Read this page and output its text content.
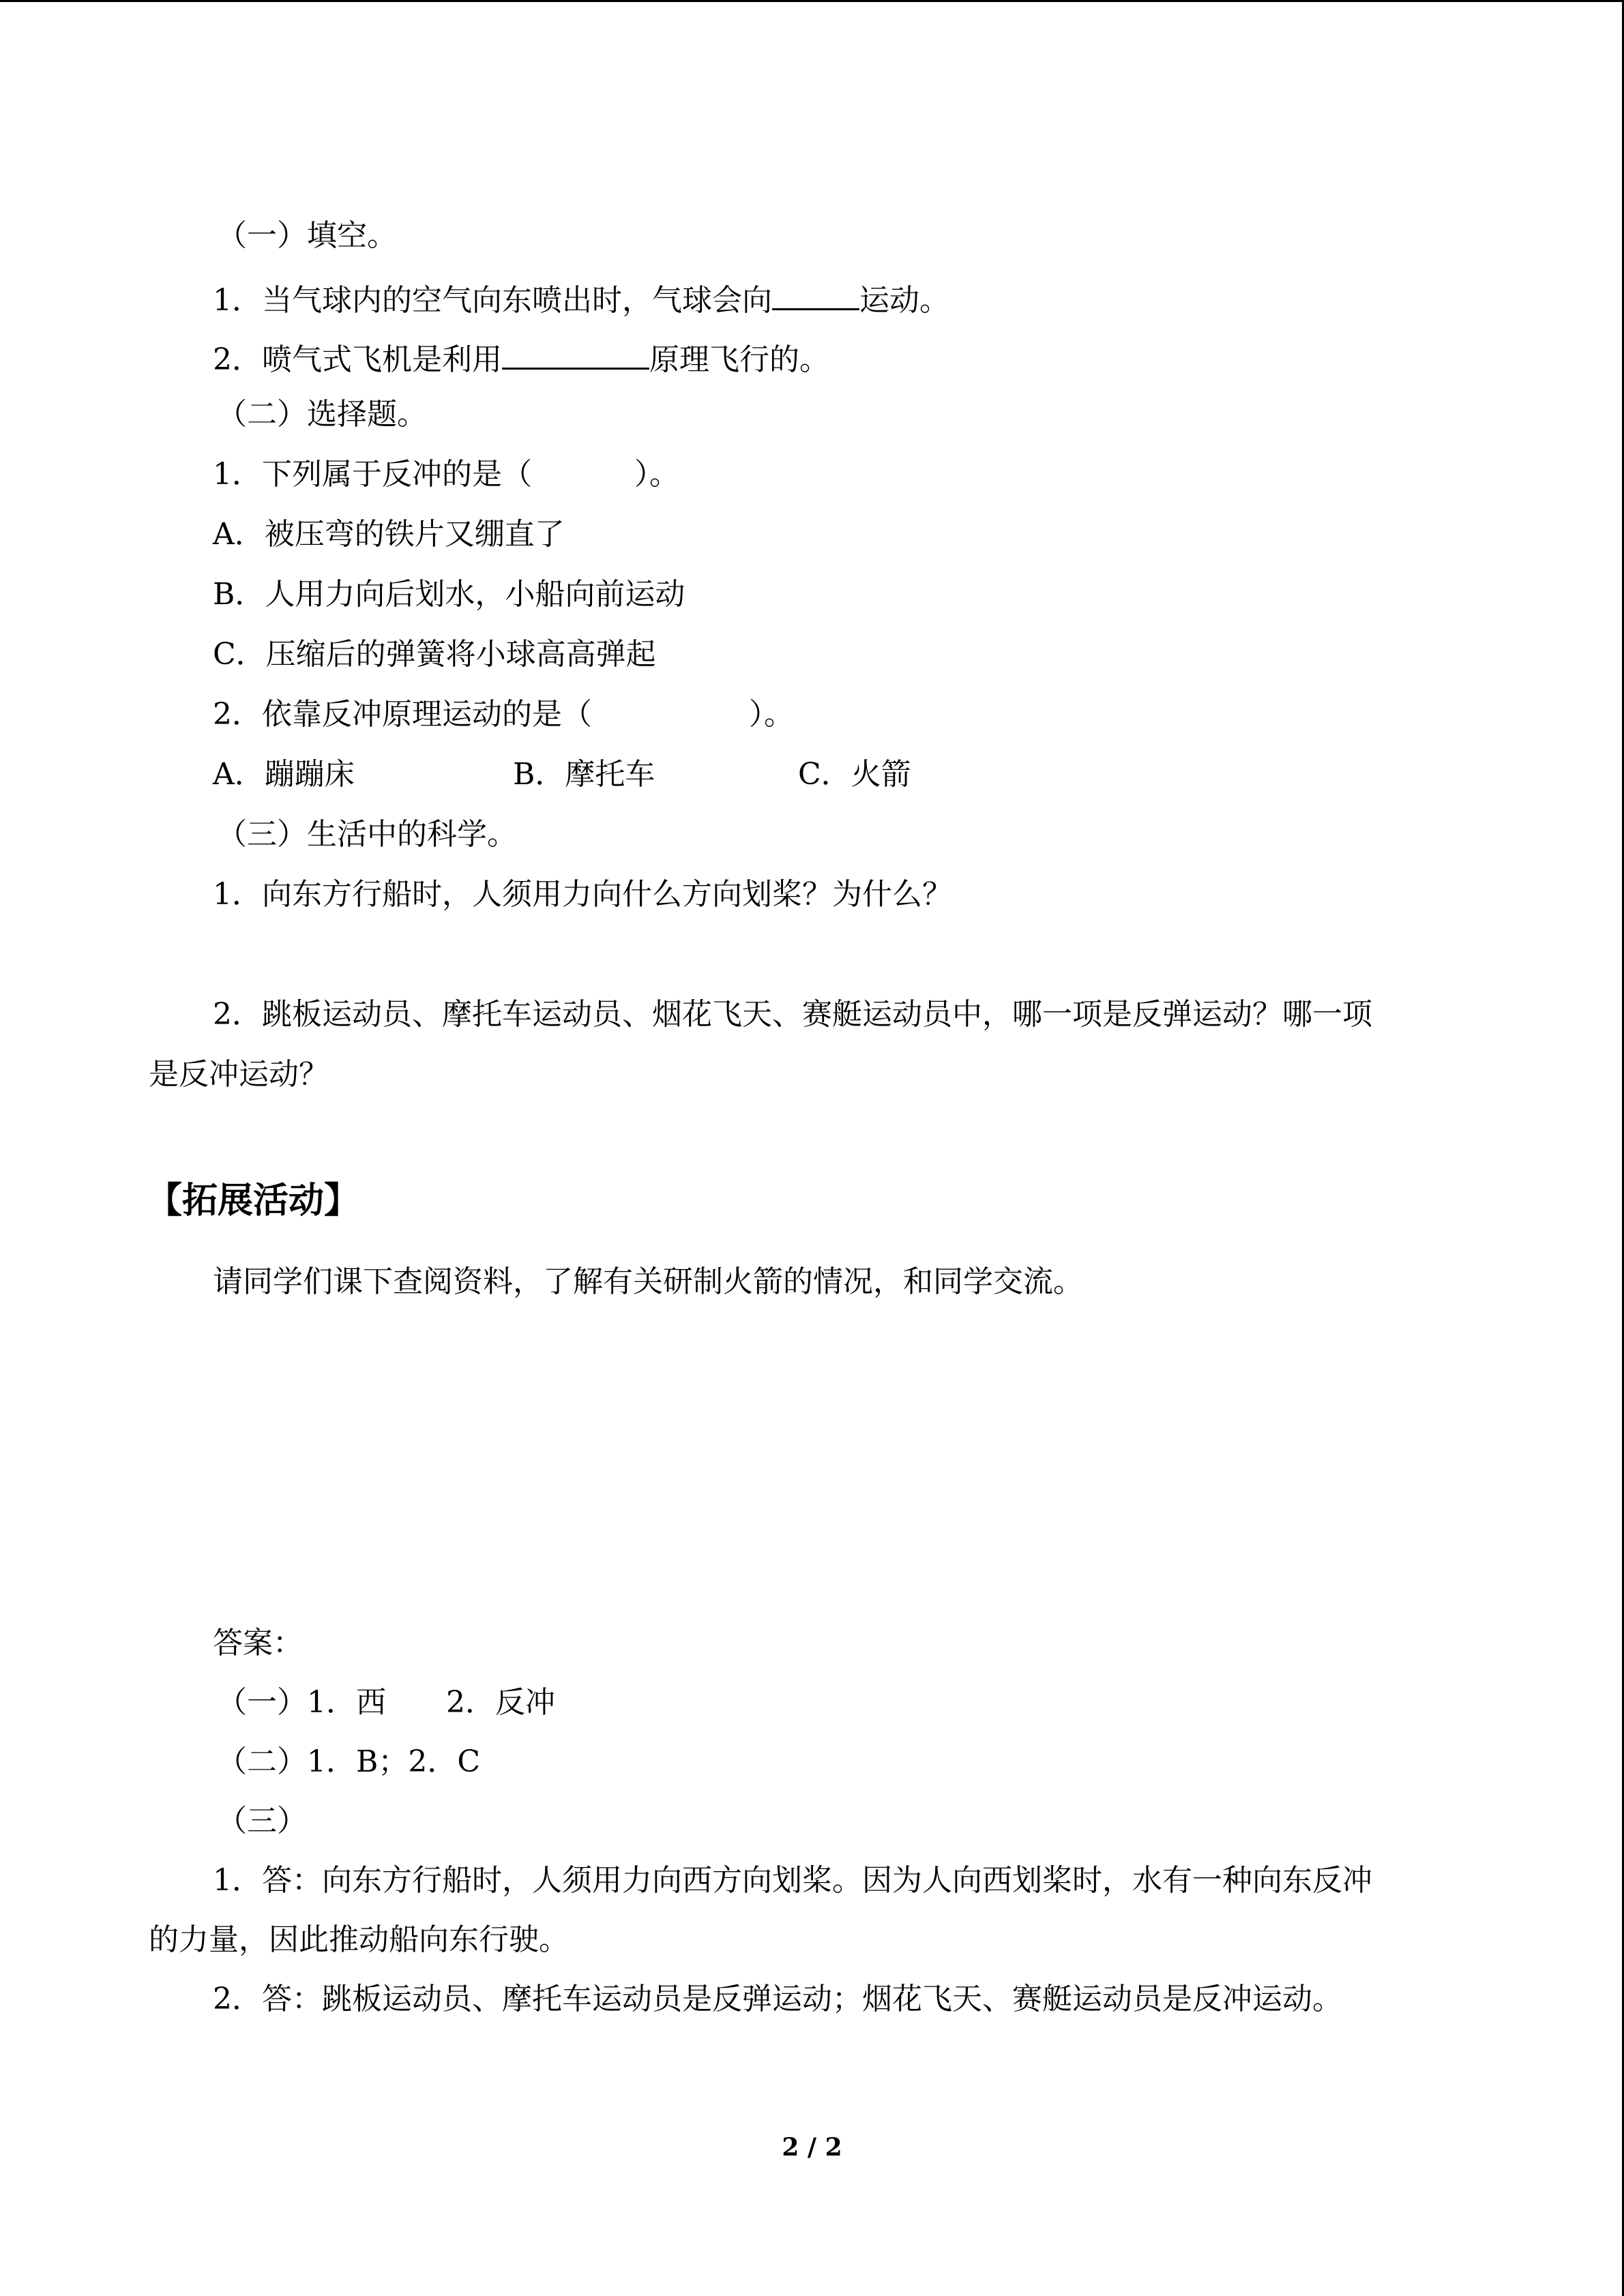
（一）填空。

1．当气球内的空气向东喷出时，气球会向	运动。

2．喷气式飞机是利用	原理飞行的。

（二）选择题。

1．下列属于反冲的是（	）。

A．被压弯的铁片又绷直了

B．人用力向后划水，小船向前运动

C．压缩后的弹簧将小球高高弹起

2．依靠反冲原理运动的是（	）。

A．蹦蹦床	B．摩托车	C．火箭

（三）生活中的科学。

1．向东方行船时，人须用力向什么方向划桨？为什么？

2．跳板运动员、摩托车运动员、烟花飞天、赛艇运动员中，哪一项是反弹运动？哪一项

是反冲运动？

【拓展活动】

请同学们课下查阅资料，了解有关研制火箭的情况，和同学交流。

答案：

（一）1．西　　2．反冲

（二）1．B；2．C

（三）

1．答：向东方行船时，人须用力向西方向划桨。因为人向西划桨时，水有一种向东反冲

的力量，因此推动船向东行驶。

2．答：跳板运动员、摩托车运动员是反弹运动；烟花飞天、赛艇运动员是反冲运动。

2 / 2
